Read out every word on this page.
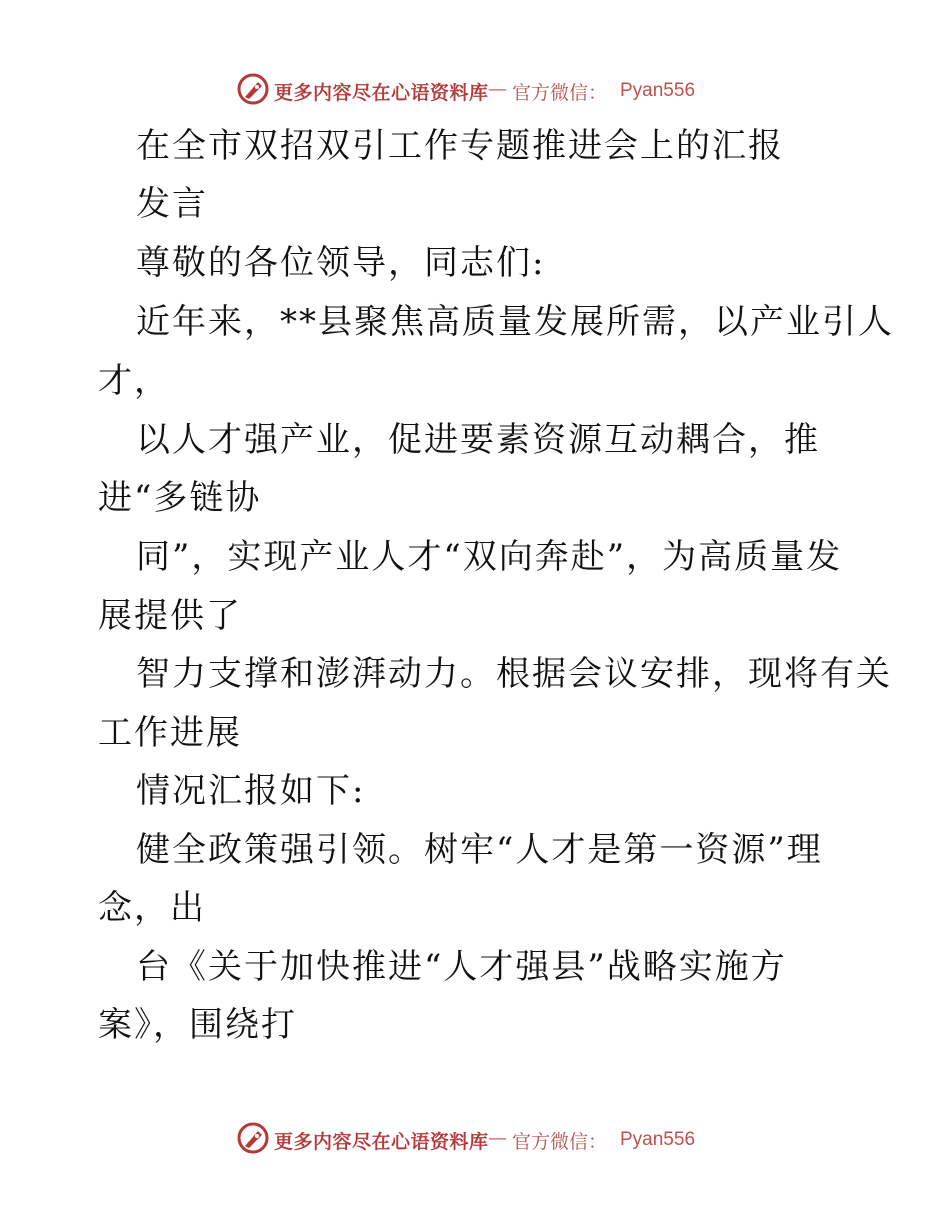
更多内容尽在心语资料库 — 官方微信： Pyan556
在全市双招双引工作专题推进会上的汇报
发言
尊敬的各位领导，同志们:
近年来，**县聚焦高质量发展所需，以产业引人
才，
以人才强产业，促进要素资源互动耦合，推
进“多链协
同”，实现产业人才“双向奔赴”，为高质量发
展提供了
智力支撑和澎湃动力。根据会议安排，现将有关
工作进展
情况汇报如下:
健全政策强引领。树牢“人才是第一资源”理
念，出
台《关于加快推进“人才强县”战略实施方
案》，围绕打
更多内容尽在心语资料库 — 官方微信： Pyan556
